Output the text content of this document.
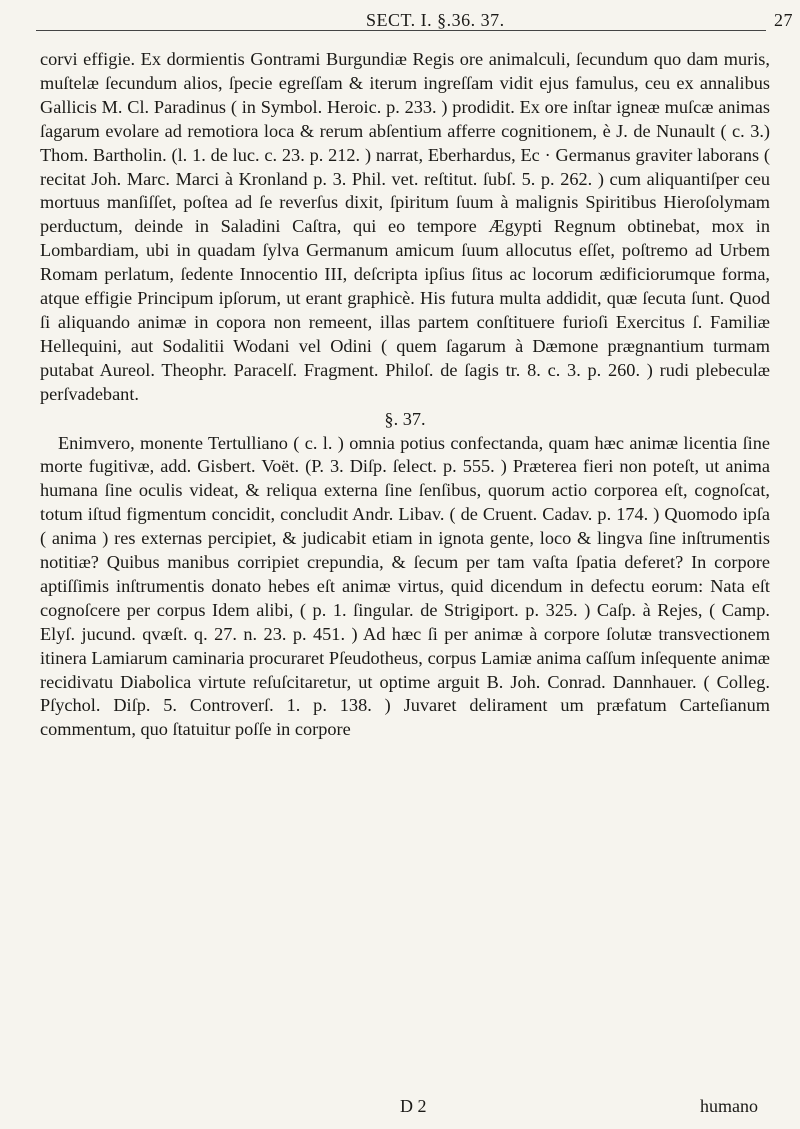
SECT. I. §.36. 37.	27

corvi effigie. Ex dormientis Gontrami Burgundiæ Regis ore animalculi, ſecundum quo dam muris, muſtelæ ſecundum alios, ſpecie egreſſam & iterum ingreſſam vidit ejus famulus, ceu ex annalibus Gallicis M. Cl. Paradinus ( in Symbol. Heroic. p. 233. ) prodidit. Ex ore inſtar igneæ muſcæ animas ſagarum evolare ad remotiora loca & rerum abſentium afferre cognitionem, è J. de Nunault ( c. 3.) Thom. Bartholin. (l. 1. de luc. c. 23. p. 212. ) narrat, Eberhardus, Ec · Germanus graviter laborans ( recitat Joh. Marc. Marci à Kronland p. 3. Phil. vet. reſtitut. ſubſ. 5. p. 262. ) cum aliquantiſper ceu mortuus manſiſſet, poſtea ad ſe reverſus dixit, ſpiritum ſuum à malignis Spiritibus Hieroſolymam perductum, deinde in Saladini Caſtra, qui eo tempore Ægypti Regnum obtinebat, mox in Lombardiam, ubi in quadam ſylva Germanum amicum ſuum allocutus eſſet, poſtremo ad Urbem Romam perlatum, ſedente Innocentio III, deſcripta ipſius ſitus ac locorum ædificiorumque forma, atque effigie Principum ipſorum, ut erant graphicè. His futura multa addidit, quæ ſecuta ſunt. Quod ſi aliquando animæ in copora non remeent, illas partem conſtituere furioſi Exercitus ſ. Familiæ Hellequini, aut Sodalitii Wodani vel Odini ( quem ſagarum à Dæmone prægnantium turmam putabat Aureol. Theophr. Paracelſ. Fragment. Philoſ. de ſagis tr. 8. c. 3. p. 260. ) rudi plebeculæ perſvadebant.

§. 37.

Enimvero, monente Tertulliano ( c. l. ) omnia potius confectanda, quam hæc animæ licentia ſine morte fugitivæ, add. Gisbert. Voët. (P. 3. Diſp. ſelect. p. 555. ) Præterea fieri non poteſt, ut anima humana ſine oculis videat, & reliqua externa ſine ſenſibus, quorum actio corporea eſt, cognoſcat, totum iſtud figmentum concidit, concludit Andr. Libav. ( de Cruent. Cadav. p. 174. ) Quomodo ipſa ( anima ) res externas percipiet, & judicabit etiam in ignota gente, loco & lingva ſine inſtrumentis notitiæ? Quibus manibus corripiet crepundia, & ſecum per tam vaſta ſpatia deferet? In corpore aptiſſimis inſtrumentis donato hebes eſt animæ virtus, quid dicendum in defectu eorum: Nata eſt cognoſcere per corpus Idem alibi, ( p. 1. ſingular. de Strigiport. p. 325. ) Caſp. à Rejes, ( Camp. Elyſ. jucund. qvæſt. q. 27. n. 23. p. 451. ) Ad hæc ſi per animæ à corpore ſolutæ transvectionem itinera Lamiarum caminaria procuraret Pſeudotheus, corpus Lamiæ anima caſſum inſequente animæ recidivatu Diabolica virtute reſuſcitaretur, ut optime arguit B. Joh. Conrad. Dannhauer. ( Colleg. Pſychol. Diſp. 5. Controverſ. 1. p. 138. ) Juvaret delirament um præfatum Carteſianum commentum, quo ſtatuitur poſſe in corpore

D 2	humano
